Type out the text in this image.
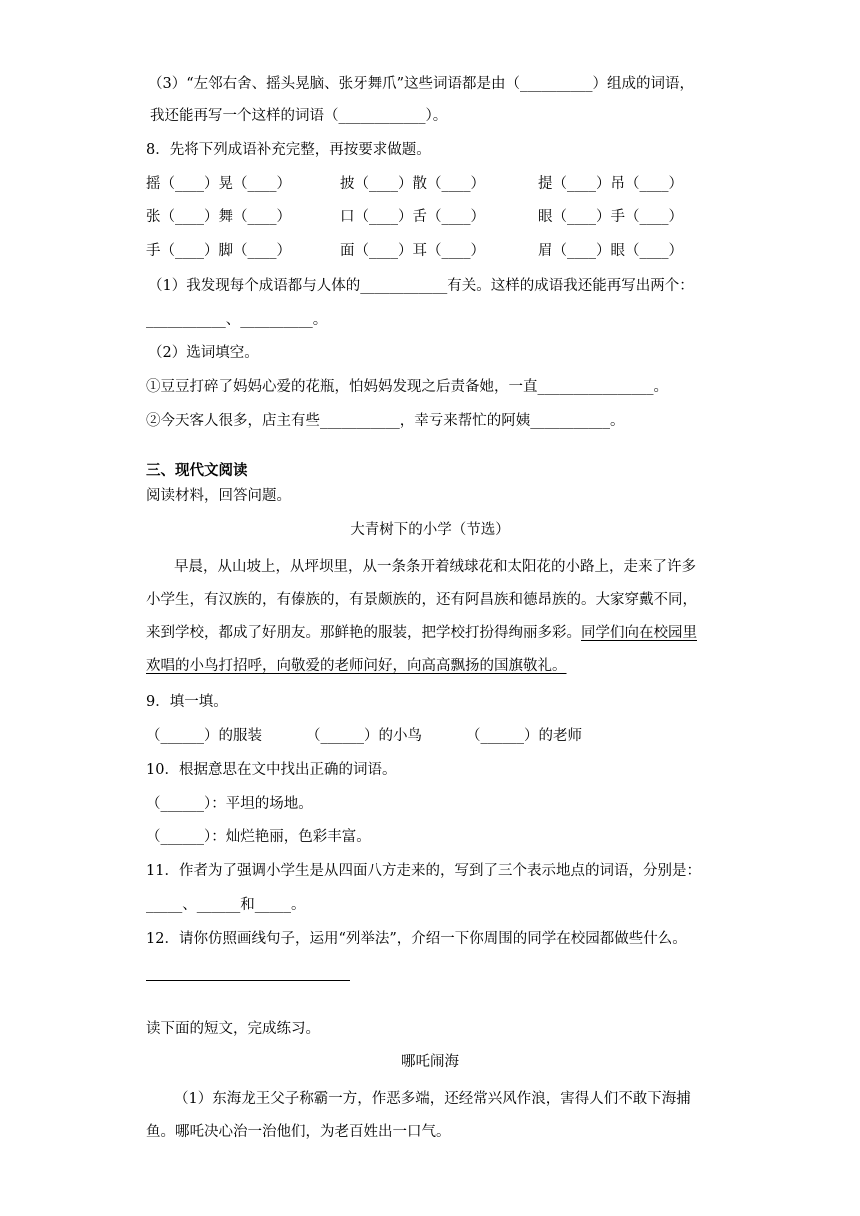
（3）“左邻右舍、摇头晃脑、张牙舞爪”这些词语都是由（__________）组成的词语，
我还能再写一个这样的词语（____________）。
8．先将下列成语补充完整，再按要求做题。
摇（____）晃（____）	披（____）散（____）	提（____）吊（____）
张（____）舞（____）	口（____）舌（____）	眼（____）手（____）
手（____）脚（____）	面（____）耳（____）	眉（____）眼（____）
（1）我发现每个成语都与人体的____________有关。这样的成语我还能再写出两个：
___________、__________。
（2）选词填空。
①豆豆打碎了妈妈心爱的花瓶，怕妈妈发现之后责备她，一直________________。
②今天客人很多，店主有些___________，幸亏来帮忙的阿姨___________。
三、现代文阅读
阅读材料，回答问题。
大青树下的小学（节选）
早晨，从山坡上，从坪坝里，从一条条开着绒球花和太阳花的小路上，走来了许多
小学生，有汉族的，有傣族的，有景颇族的，还有阿昌族和德昂族的。大家穿戴不同，
来到学校，都成了好朋友。那鲜艳的服装，把学校打扮得绚丽多彩。同学们向在校园里
欢唱的小鸟打招呼，向敬爱的老师问好，向高高飘扬的国旗敬礼。
9．填一填。
（______）的服装	（______）的小鸟	（______）的老师
10．根据意思在文中找出正确的词语。
（______）：平坦的场地。
（______）：灿烂艳丽，色彩丰富。
11．作者为了强调小学生是从四面八方走来的，写到了三个表示地点的词语，分别是：
_____、______和_____。
12．请你仿照画线句子，运用“列举法”，介绍一下你周围的同学在校园都做些什么。
读下面的短文，完成练习。
哪吒闹海
（1）东海龙王父子称霸一方，作恶多端，还经常兴风作浪，害得人们不敢下海捕
鱼。哪吒决心治一治他们，为老百姓出一口气。
